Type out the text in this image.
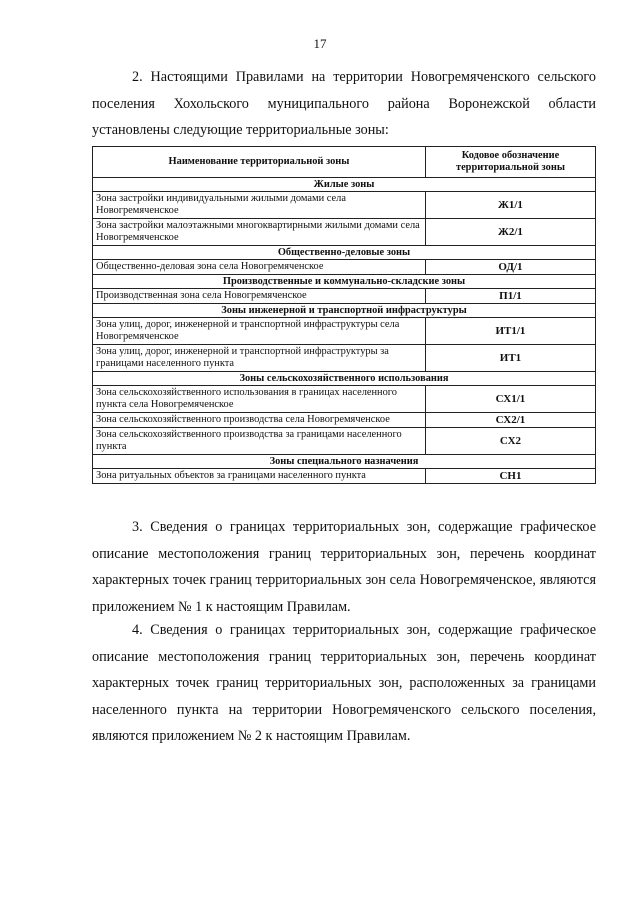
17

2. Настоящими Правилами на территории Новогремяченского сельского поселения Хохольского муниципального района Воронежской области установлены следующие территориальные зоны:

Наименование территориальной зоны	Кодовое обозначение территориальной зоны
Жилые зоны	
Зона застройки индивидуальными жилыми домами села Новогремяченское	Ж1/1
Зона застройки малоэтажными многоквартирными жилыми домами села Новогремяченское	Ж2/1
Общественно-деловые зоны	
Общественно-деловая зона села Новогремяченское	ОД/1
Производственные и коммунально-складские зоны	
Производственная зона села Новогремяченское	П1/1
Зоны инженерной и транспортной инфраструктуры	
Зона улиц, дорог, инженерной и транспортной инфраструктуры села Новогремяченское	ИТ1/1
Зона улиц, дорог, инженерной и транспортной инфраструктуры за границами населенного пункта	ИТ1
Зоны сельскохозяйственного использования	
Зона сельскохозяйственного использования в границах населенного пункта села Новогремяченское	СХ1/1
Зона сельскохозяйственного производства села Новогремяченское	СХ2/1
Зона сельскохозяйственного производства за границами населенного пункта	СХ2
Зоны специального назначения	
Зона ритуальных объектов за границами населенного пункта	СН1

3. Сведения о границах территориальных зон, содержащие графическое описание местоположения границ территориальных зон, перечень координат характерных точек границ территориальных зон села Новогремяченское, являются приложением № 1 к настоящим Правилам.

4. Сведения о границах территориальных зон, содержащие графическое описание местоположения границ территориальных зон, перечень координат характерных точек границ территориальных зон, расположенных за границами населенного пункта на территории Новогремяченского сельского поселения, являются приложением № 2 к настоящим Правилам.
